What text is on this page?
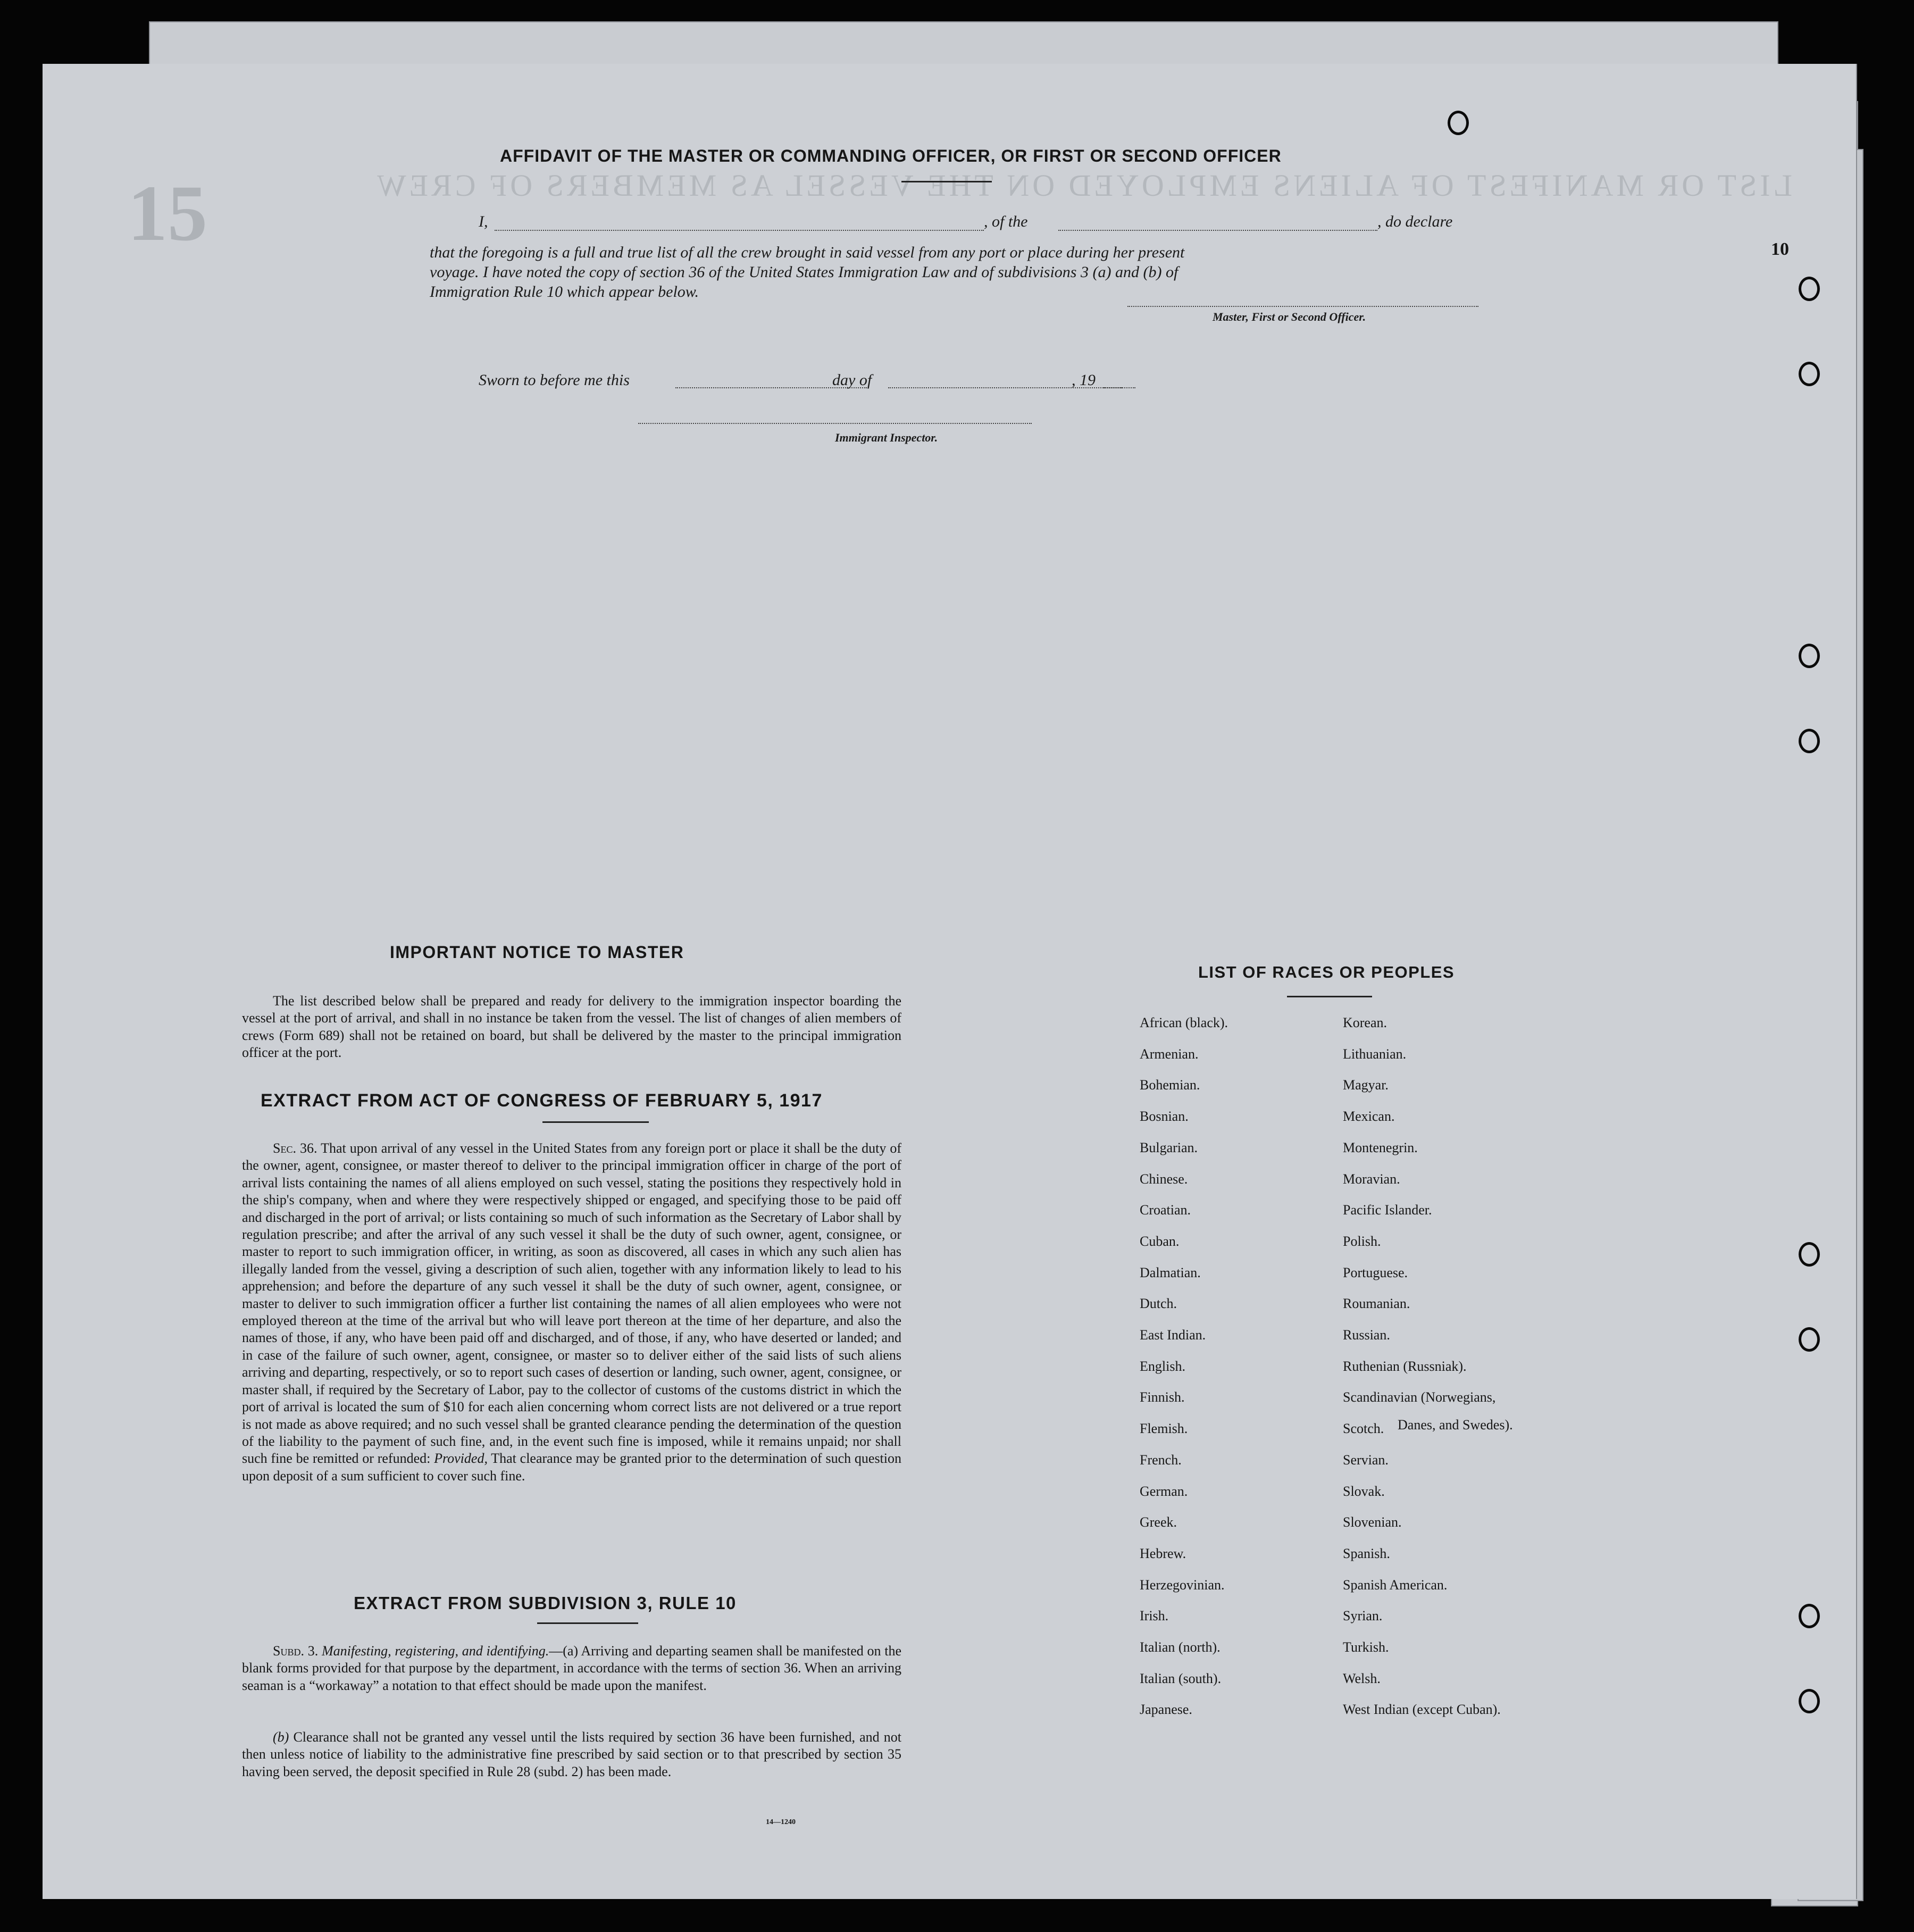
LIST OR MANIFEST OF ALIENS EMPLOYED ON THE VESSEL AS MEMBERS OF CREW
15	10
AFFIDAVIT OF THE MASTER OR COMMANDING OFFICER, OR FIRST OR SECOND OFFICER
I,	, of the	, do declare
that the foregoing is a full and true list of all the crew brought in said vessel from any port or place during her present
voyage. I have noted the copy of section 36 of the United States Immigration Law and of subdivisions 3 (a) and (b) of
Immigration Rule 10 which appear below.
Master, First or Second Officer.
Sworn to before me this	day of	, 19
Immigrant Inspector.
IMPORTANT NOTICE TO MASTER
The list described below shall be prepared and ready for delivery to the immigration inspector boarding the vessel at the port of arrival, and shall in no instance be taken from the vessel. The list of changes of alien members of crews (Form 689) shall not be retained on board, but shall be delivered by the master to the principal immigration officer at the port.
EXTRACT FROM ACT OF CONGRESS OF FEBRUARY 5, 1917
Sec. 36. That upon arrival of any vessel in the United States from any foreign port or place it shall be the duty of the owner, agent, consignee, or master thereof to deliver to the principal immigration officer in charge of the port of arrival lists containing the names of all aliens employed on such vessel, stating the positions they respectively hold in the ship's company, when and where they were respectively shipped or engaged, and specifying those to be paid off and discharged in the port of arrival; or lists containing so much of such information as the Secretary of Labor shall by regulation prescribe; and after the arrival of any such vessel it shall be the duty of such owner, agent, consignee, or master to report to such immigration officer, in writing, as soon as discovered, all cases in which any such alien has illegally landed from the vessel, giving a description of such alien, together with any information likely to lead to his apprehension; and before the departure of any such vessel it shall be the duty of such owner, agent, consignee, or master to deliver to such immigration officer a further list containing the names of all alien employees who were not employed thereon at the time of the arrival but who will leave port thereon at the time of her departure, and also the names of those, if any, who have been paid off and discharged, and of those, if any, who have deserted or landed; and in case of the failure of such owner, agent, consignee, or master so to deliver either of the said lists of such aliens arriving and departing, respectively, or so to report such cases of desertion or landing, such owner, agent, consignee, or master shall, if required by the Secretary of Labor, pay to the collector of customs of the customs district in which the port of arrival is located the sum of $10 for each alien concerning whom correct lists are not delivered or a true report is not made as above required; and no such vessel shall be granted clearance pending the determination of the question of the liability to the payment of such fine, and, in the event such fine is imposed, while it remains unpaid; nor shall such fine be remitted or refunded: Provided, That clearance may be granted prior to the determination of such question upon deposit of a sum sufficient to cover such fine.
EXTRACT FROM SUBDIVISION 3, RULE 10
Subd. 3. Manifesting, registering, and identifying.—(a) Arriving and departing seamen shall be manifested on the blank forms provided for that purpose by the department, in accordance with the terms of section 36. When an arriving seaman is a “workaway” a notation to that effect should be made upon the manifest.
(b) Clearance shall not be granted any vessel until the lists required by section 36 have been furnished, and not then unless notice of liability to the administrative fine prescribed by said section or to that prescribed by section 35 having been served, the deposit specified in Rule 28 (subd. 2) has been made.
14—1240
LIST OF RACES OR PEOPLES
Danes, and Swedes).
African (black).
Armenian.
Bohemian.
Bosnian.
Bulgarian.
Chinese.
Croatian.
Cuban.
Dalmatian.
Dutch.
East Indian.
English.
Finnish.
Flemish.
French.
German.
Greek.
Hebrew.
Herzegovinian.
Irish.
Italian (north).
Italian (south).
Japanese.
Korean.
Lithuanian.
Magyar.
Mexican.
Montenegrin.
Moravian.
Pacific Islander.
Polish.
Portuguese.
Roumanian.
Russian.
Ruthenian (Russniak).
Scandinavian (Norwegians,
Scotch.
Servian.
Slovak.
Slovenian.
Spanish.
Spanish American.
Syrian.
Turkish.
Welsh.
West Indian (except Cuban).
